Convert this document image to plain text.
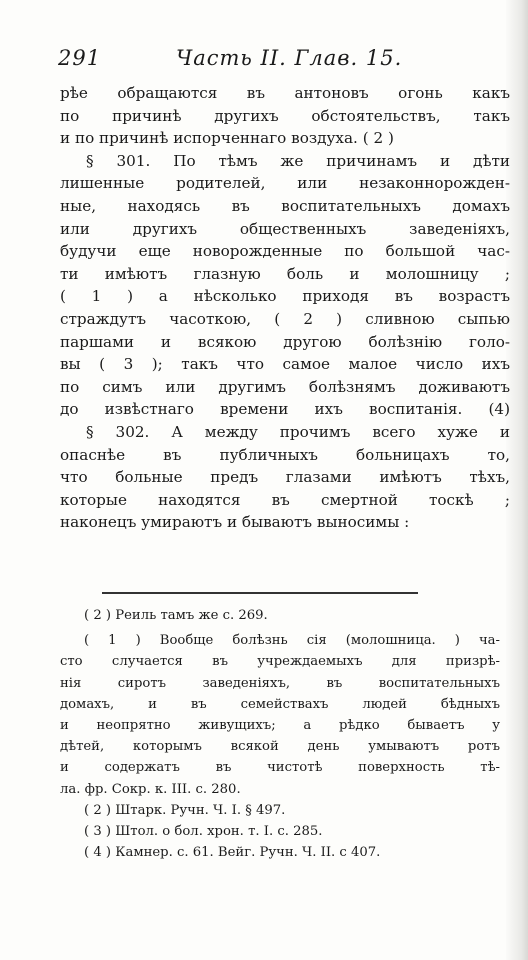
291	Часть II. Глав. 15.
рѣе обращаются въ антоновъ огонь какъ
по причинѣ другихъ обстоятельствъ, такъ
и по причинѣ испорченнаго воздуха. ( 2 )
§ 301. По тѣмъ же причинамъ и дѣти
лишенные родителей, или незаконнорожден-
ные, находясь въ воспитательныхъ домахъ
или другихъ общественныхъ заведеніяхъ,
будучи еще новорожденные по большой час-
ти имѣютъ глазную боль и молошницу ;
( 1 ) а нѣсколько приходя въ возрастъ
страждутъ часоткою, ( 2 ) сливною сыпью
паршами и всякою другою болѣзнію голо-
вы ( 3 ); такъ что самое малое число ихъ
по симъ или другимъ болѣзнямъ доживаютъ
до извѣстнаго времени ихъ воспитанія. (4)
§ 302. А между прочимъ всего хуже и
опаснѣе въ публичныхъ больницахъ то,
что больные предъ глазами имѣютъ тѣхъ,
которые находятся въ смертной тоскѣ ;
наконецъ умираютъ и бываютъ выносимы :
( 2 ) Реиль тамъ же с. 269.
( 1 ) Вообще болѣзнь сія (молошница. ) ча-
сто случается въ учреждаемыхъ для призрѣ-
нія сиротъ заведеніяхъ, въ воспитательныхъ
домахъ, и въ семействахъ людей бѣдныхъ
и неопрятно живущихъ; а рѣдко бываетъ у
дѣтей, которымъ всякой день умываютъ ротъ
и содержатъ въ чистотѣ поверхность тѣ-
ла. фр. Сокр. к. III. с. 280.
( 2 ) Штарк. Ручн. Ч. I. § 497.
( 3 ) Штол. о бол. хрон. т. I. с. 285.
( 4 ) Камнер. с. 61. Вейг. Ручн. Ч. II. с 407.
